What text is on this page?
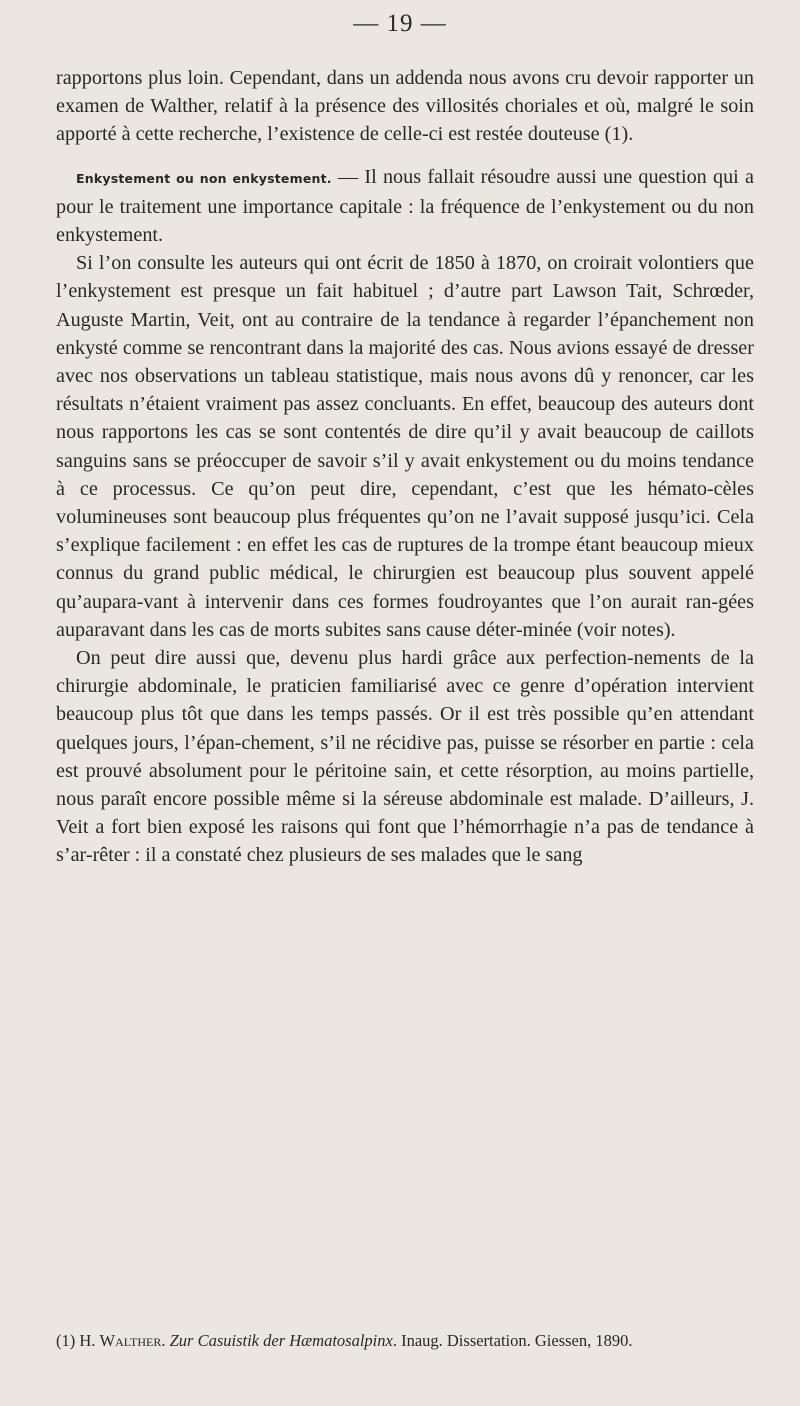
— 19 —

rapportons plus loin. Cependant, dans un addenda nous avons cru devoir rapporter un examen de Walther, relatif à la présence des villosités choriales et où, malgré le soin apporté à cette recherche, l’existence de celle-ci est restée douteuse (1).

Enkystement ou non enkystement. — Il nous fallait résoudre aussi une question qui a pour le traitement une importance capitale : la fréquence de l’enkystement ou du non enkystement.

Si l’on consulte les auteurs qui ont écrit de 1850 à 1870, on croirait volontiers que l’enkystement est presque un fait habituel ; d’autre part Lawson Tait, Schrœder, Auguste Martin, Veit, ont au contraire de la tendance à regarder l’épanchement non enkysté comme se rencontrant dans la majorité des cas. Nous avions essayé de dresser avec nos observations un tableau statistique, mais nous avons dû y renoncer, car les résultats n’étaient vraiment pas assez concluants. En effet, beaucoup des auteurs dont nous rapportons les cas se sont contentés de dire qu’il y avait beaucoup de caillots sanguins sans se préoccuper de savoir s’il y avait enkystement ou du moins tendance à ce processus. Ce qu’on peut dire, cependant, c’est que les hémato-cèles volumineuses sont beaucoup plus fréquentes qu’on ne l’avait supposé jusqu’ici. Cela s’explique facilement : en effet les cas de ruptures de la trompe étant beaucoup mieux connus du grand public médical, le chirurgien est beaucoup plus souvent appelé qu’aupara-vant à intervenir dans ces formes foudroyantes que l’on aurait ran-gées auparavant dans les cas de morts subites sans cause déter-minée (voir notes).

On peut dire aussi que, devenu plus hardi grâce aux perfection-nements de la chirurgie abdominale, le praticien familiarisé avec ce genre d’opération intervient beaucoup plus tôt que dans les temps passés. Or il est très possible qu’en attendant quelques jours, l’épan-chement, s’il ne récidive pas, puisse se résorber en partie : cela est prouvé absolument pour le péritoine sain, et cette résorption, au moins partielle, nous paraît encore possible même si la séreuse abdominale est malade. D’ailleurs, J. Veit a fort bien exposé les raisons qui font que l’hémorrhagie n’a pas de tendance à s’ar-rêter : il a constaté chez plusieurs de ses malades que le sang

(1) H. Walther. Zur Casuistik der Hæmatosalpinx. Inaug. Dissertation. Giessen, 1890.
